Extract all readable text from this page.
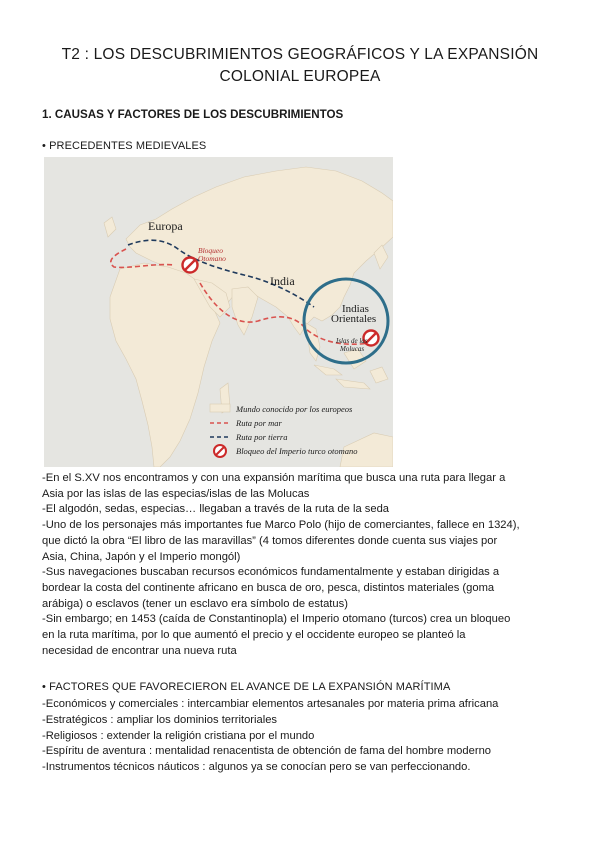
T2 : LOS DESCUBRIMIENTOS GEOGRÁFICOS Y LA EXPANSIÓN
COLONIAL EUROPEA
1. CAUSAS Y FACTORES DE LOS DESCUBRIMIENTOS
• PRECEDENTES MEDIEVALES
Europa
India
Indias
Orientales
Bloqueo
Otomano
Islas de las
Molucas
Mundo conocido por los europeos
Ruta por mar
Ruta por tierra
Bloqueo del Imperio turco otomano
-En el S.XV nos encontramos y con una expansión marítima que busca una ruta para llegar a
Asia por las islas de las especias/islas de las Molucas
-El algodón, sedas, especias… llegaban a través de la ruta de la seda
-Uno de los personajes más importantes fue Marco Polo (hijo de comerciantes, fallece en 1324),
que dictó la obra “El libro de las maravillas” (4 tomos diferentes donde cuenta sus viajes por
Asia, China, Japón y el Imperio mongól)
-Sus navegaciones buscaban recursos económicos fundamentalmente y estaban dirigidas a
bordear la costa del continente africano en busca de oro, pesca, distintos materiales (goma
arábiga) o esclavos (tener un esclavo era símbolo de estatus)
-Sin embargo; en 1453 (caída de Constantinopla) el Imperio otomano (turcos) crea un bloqueo
en la ruta marítima, por lo que aumentó el precio y el occidente europeo se planteó la
necesidad de encontrar una nueva ruta
• FACTORES QUE FAVORECIERON EL AVANCE DE LA EXPANSIÓN MARÍTIMA
-Económicos y comerciales : intercambiar elementos artesanales por materia prima africana
-Estratégicos : ampliar los dominios territoriales
-Religiosos : extender la religión cristiana por el mundo
-Espíritu de aventura : mentalidad renacentista de obtención de fama del hombre moderno
-Instrumentos técnicos náuticos : algunos ya se conocían pero se van perfeccionando.
